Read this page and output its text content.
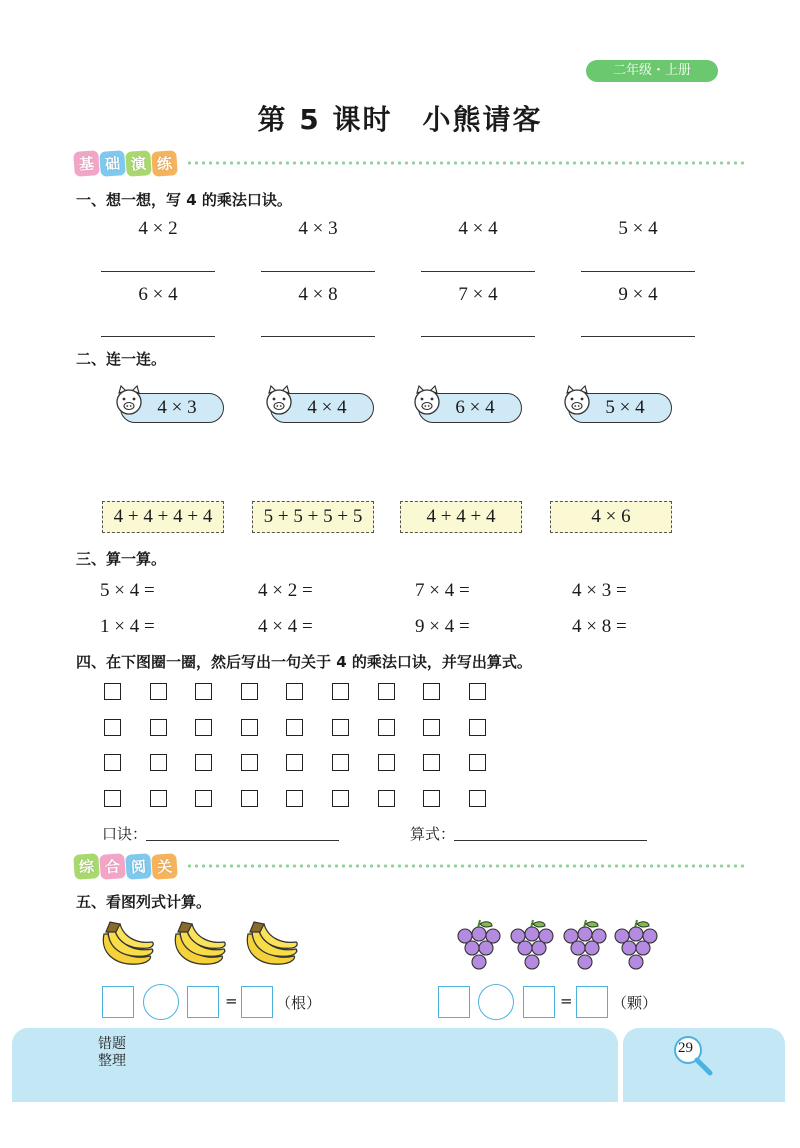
二年级・上册
第 5 课时　小熊请客
基 础 演 练
一、想一想，写 4 的乘法口诀。
4 × 2	4 × 3	4 × 4	5 × 4
6 × 4	4 × 8	7 × 4	9 × 4
二、连一连。
4 × 3	4 × 4	6 × 4	5 × 4
4 + 4 + 4 + 4	5 + 5 + 5 + 5	4 + 4 + 4	4 × 6
三、算一算。
5 × 4 =	4 × 2 =	7 × 4 =	4 × 3 =
1 × 4 =	4 × 4 =	9 × 4 =	4 × 8 =
四、在下图圈一圈，然后写出一句关于 4 的乘法口诀，并写出算式。
口诀：	算式：
综 合 阅 关
五、看图列式计算。
=	（根）	=	（颗）
错题
整理
29
